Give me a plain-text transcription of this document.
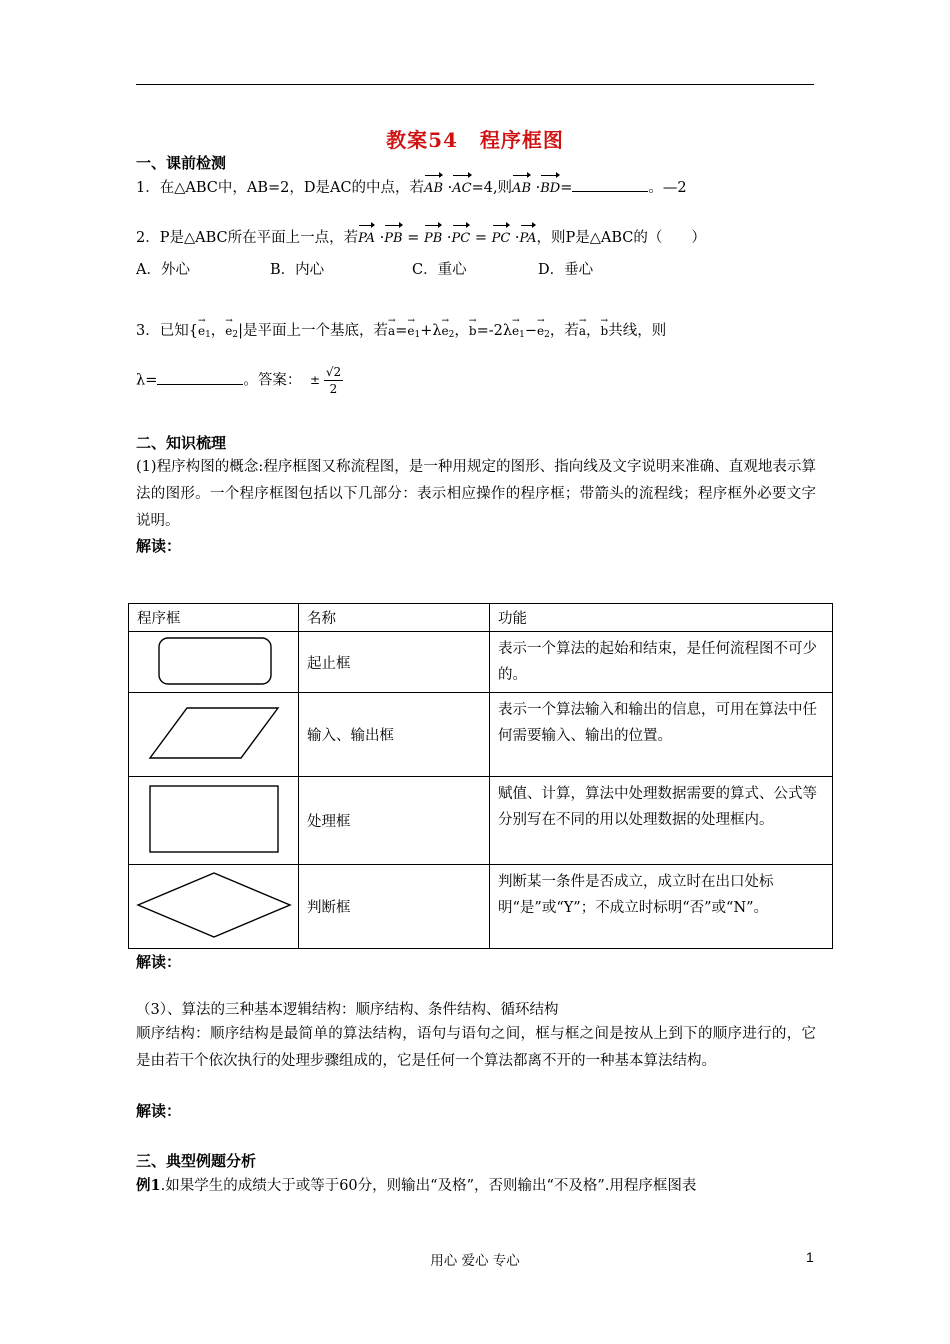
教案54 程序框图
一、课前检测
1．在△ABC中，AB=2，D是AC的中点，若AB ·AC=4,则AB ·BD=	。—2
2．P是△ABC所在平面上一点，若PA ·PB = PB ·PC = PC ·PA，则P是△ABC的（　　）
A．外心	B．内心	C．重心	D．垂心
3．已知{→ $e_1$，→ $e_2|$是平面上一个基底，若→ $a=\to e_1+\lambda\to e_2$，→ $b=-2\lambda\to e_1-\to e_2$，若→ a，→ b共线，则
λ=	。答案： ± $\frac{√2}{2}$
二、知识梳理
(1)程序构图的概念:程序框图又称流程图，是一种用规定的图形、指向线及文字说明来准确、直观地表示算法的图形。一个程序框图包括以下几部分：表示相应操作的程序框；带箭头的流程线；程序框外必要文字说明。
解读：
程序框	名称	功能
	起止框	表示一个算法的起始和结束，是任何流程图不可少的。
	输入、输出框	表示一个算法输入和输出的信息，可用在算法中任何需要输入、输出的位置。
	处理框	赋值、计算，算法中处理数据需要的算式、公式等分别写在不同的用以处理数据的处理框内。
	判断框	判断某一条件是否成立，成立时在出口处标明“是”或“Y”；不成立时标明“否”或“N”。
解读：
（3）、算法的三种基本逻辑结构：顺序结构、条件结构、循环结构
顺序结构：顺序结构是最简单的算法结构，语句与语句之间，框与框之间是按从上到下的顺序进行的，它是由若干个依次执行的处理步骤组成的，它是任何一个算法都离不开的一种基本算法结构。
解读：
三、典型例题分析
例1.如果学生的成绩大于或等于60分，则输出“及格”，否则输出“不及格”.用程序框图表
用心 爱心 专心	1
